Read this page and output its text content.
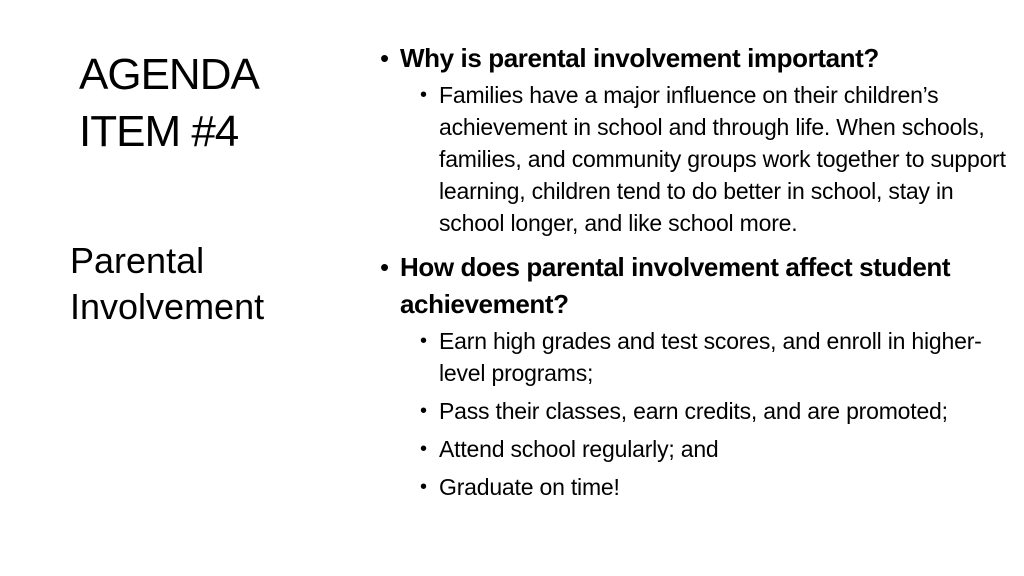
AGENDA
ITEM #4
Parental
Involvement
• Why is parental involvement important?
• Families have a major influence on their children’s achievement in school and through life. When schools, families, and community groups work together to support learning, children tend to do better in school, stay in school longer, and like school more.
• How does parental involvement affect student achievement?
• Earn high grades and test scores, and enroll in higher-level programs;
• Pass their classes, earn credits, and are promoted;
• Attend school regularly; and
• Graduate on time!
